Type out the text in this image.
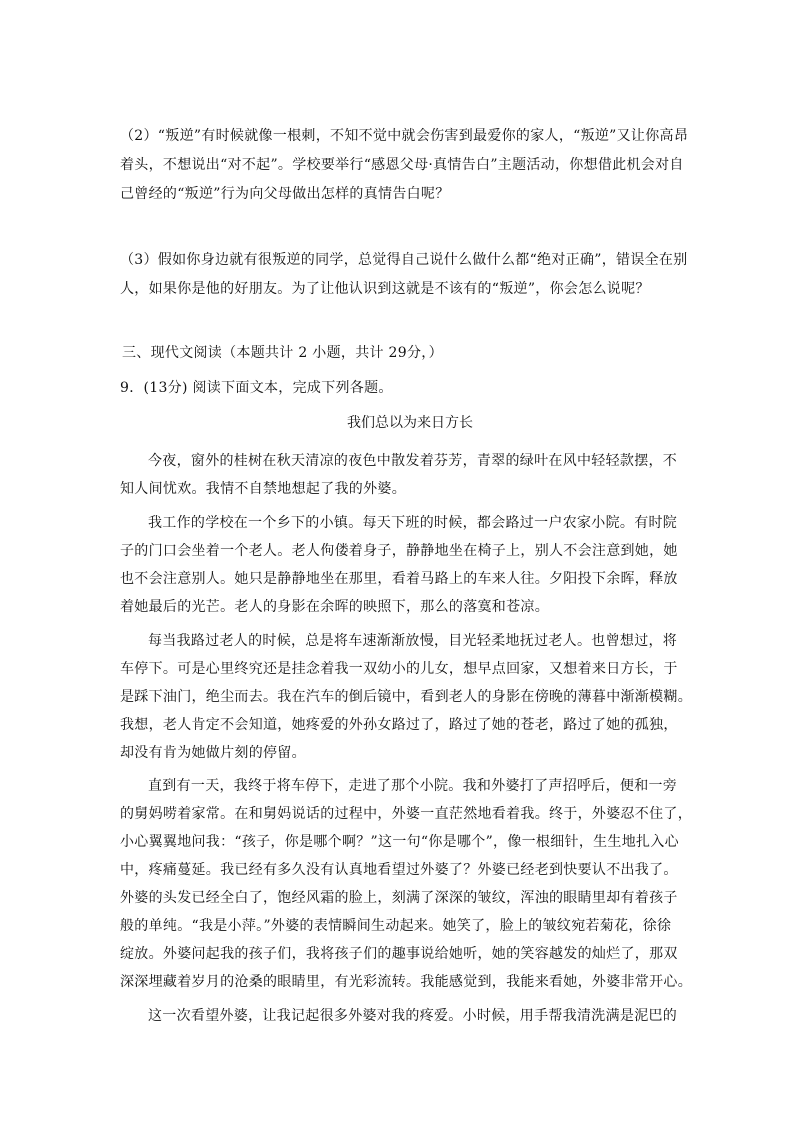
（2）“叛逆”有时候就像一根刺，不知不觉中就会伤害到最爱你的家人，“叛逆”又让你高昂
着头，不想说出“对不起”。学校要举行“感恩父母·真情告白”主题活动，你想借此机会对自
己曾经的“叛逆”行为向父母做出怎样的真情告白呢？
（3）假如你身边就有很叛逆的同学，总觉得自己说什么做什么都“绝对正确”，错误全在别
人，如果你是他的好朋友。为了让他认识到这就是不该有的“叛逆”，你会怎么说呢？
三、现代文阅读（本题共计 2 小题，共计 29分，）
9．(13分) 阅读下面文本，完成下列各题。
我们总以为来日方长
今夜，窗外的桂树在秋天清凉的夜色中散发着芬芳，青翠的绿叶在风中轻轻款摆，不
知人间忧欢。我情不自禁地想起了我的外婆。
我工作的学校在一个乡下的小镇。每天下班的时候，都会路过一户农家小院。有时院
子的门口会坐着一个老人。老人佝偻着身子，静静地坐在椅子上，别人不会注意到她，她
也不会注意别人。她只是静静地坐在那里，看着马路上的车来人往。夕阳投下余晖，释放
着她最后的光芒。老人的身影在余晖的映照下，那么的落寞和苍凉。
每当我路过老人的时候，总是将车速渐渐放慢，目光轻柔地抚过老人。也曾想过，将
车停下。可是心里终究还是挂念着我一双幼小的儿女，想早点回家，又想着来日方长，于
是踩下油门，绝尘而去。我在汽车的倒后镜中，看到老人的身影在傍晚的薄暮中渐渐模糊。
我想，老人肯定不会知道，她疼爱的外孙女路过了，路过了她的苍老，路过了她的孤独，
却没有肯为她做片刻的停留。
直到有一天，我终于将车停下，走进了那个小院。我和外婆打了声招呼后，便和一旁
的舅妈唠着家常。在和舅妈说话的过程中，外婆一直茫然地看着我。终于，外婆忍不住了，
小心翼翼地问我：“孩子，你是哪个啊？”这一句“你是哪个”，像一根细针，生生地扎入心
中，疼痛蔓延。我已经有多久没有认真地看望过外婆了？外婆已经老到快要认不出我了。
外婆的头发已经全白了，饱经风霜的脸上，刻满了深深的皱纹，浑浊的眼睛里却有着孩子
般的单纯。“我是小萍。”外婆的表情瞬间生动起来。她笑了，脸上的皱纹宛若菊花，徐徐
绽放。外婆问起我的孩子们，我将孩子们的趣事说给她听，她的笑容越发的灿烂了，那双
深深埋藏着岁月的沧桑的眼睛里，有光彩流转。我能感觉到，我能来看她，外婆非常开心。
这一次看望外婆，让我记起很多外婆对我的疼爱。小时候，用手帮我清洗满是泥巴的
